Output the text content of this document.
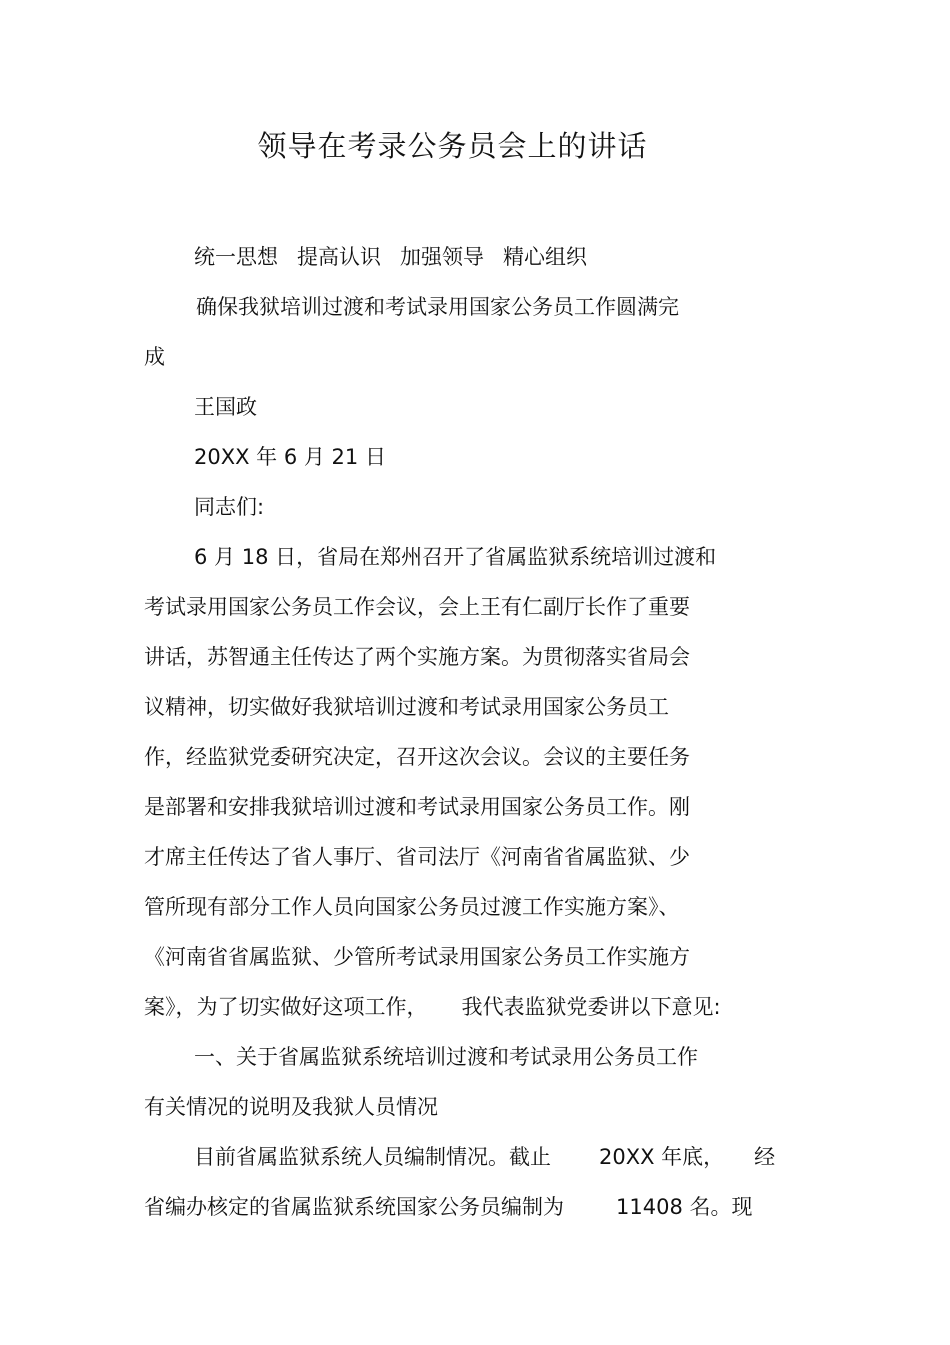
领导在考录公务员会上的讲话
统一思想 提高认识 加强领导 精心组织
确保我狱培训过渡和考试录用国家公务员工作圆满完
成
王国政
20XX 年 6 月 21 日
同志们:
6 月 18 日，省局在郑州召开了省属监狱系统培训过渡和
考试录用国家公务员工作会议，会上王有仁副厅长作了重要
讲话，苏智通主任传达了两个实施方案。为贯彻落实省局会
议精神，切实做好我狱培训过渡和考试录用国家公务员工
作，经监狱党委研究决定，召开这次会议。会议的主要任务
是部署和安排我狱培训过渡和考试录用国家公务员工作。刚
才席主任传达了省人事厅、省司法厅《河南省省属监狱、少
管所现有部分工作人员向国家公务员过渡工作实施方案》、
《河南省省属监狱、少管所考试录用国家公务员工作实施方
案》，为了切实做好这项工作， 我代表监狱党委讲以下意见:
一、关于省属监狱系统培训过渡和考试录用公务员工作
有关情况的说明及我狱人员情况
目前省属监狱系统人员编制情况。截止 20XX 年底， 经
省编办核定的省属监狱系统国家公务员编制为 11408 名。现
